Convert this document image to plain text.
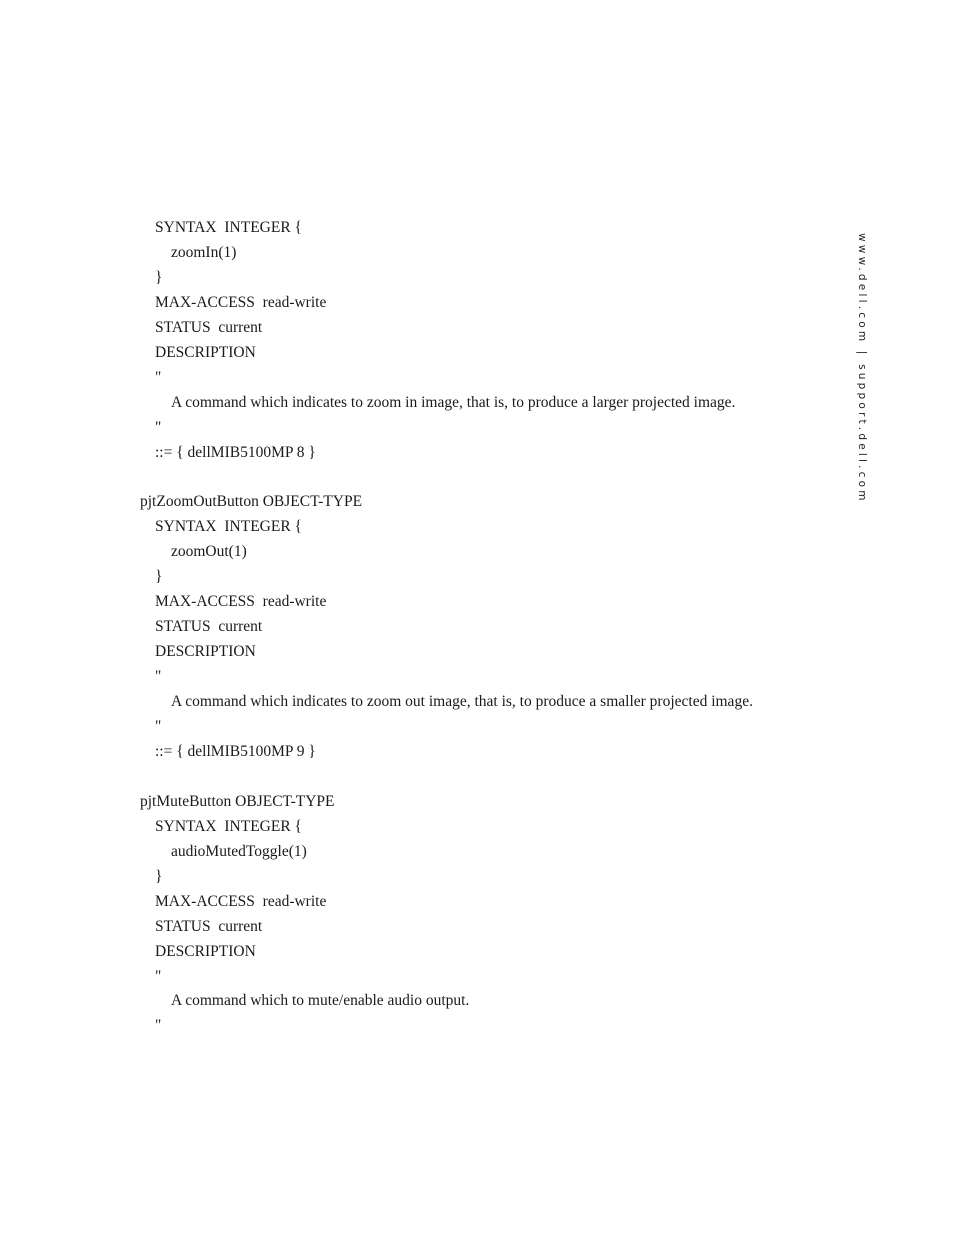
SYNTAX  INTEGER {
zoomIn(1)
}
MAX-ACCESS  read-write
STATUS  current
DESCRIPTION
"
A command which indicates to zoom in image, that is, to produce a larger projected image.
"
::= { dellMIB5100MP 8 }
pjtZoomOutButton OBJECT-TYPE
SYNTAX  INTEGER {
zoomOut(1)
}
MAX-ACCESS  read-write
STATUS  current
DESCRIPTION
"
A command which indicates to zoom out image, that is, to produce a smaller projected image.
"
::= { dellMIB5100MP 9 }
pjtMuteButton OBJECT-TYPE
SYNTAX  INTEGER {
audioMutedToggle(1)
}
MAX-ACCESS  read-write
STATUS  current
DESCRIPTION
"
A command which to mute/enable audio output.
"
www.dell.com | support.dell.com
